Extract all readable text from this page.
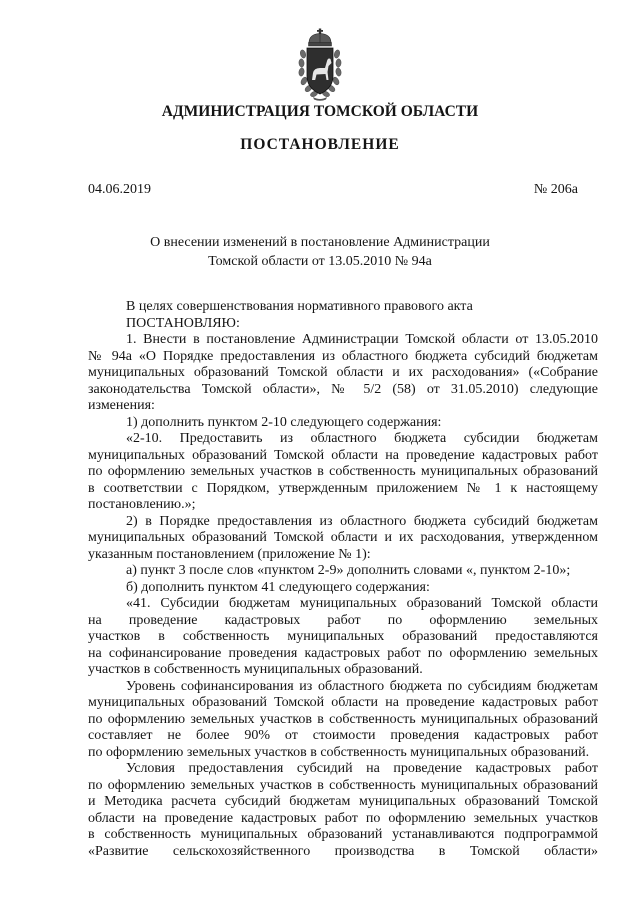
АДМИНИСТРАЦИЯ ТОМСКОЙ ОБЛАСТИ
ПОСТАНОВЛЕНИЕ
04.06.2019	№ 206а
О внесении изменений в постановление Администрации
Томской области от 13.05.2010 № 94а
В целях совершенствования нормативного правового акта
ПОСТАНОВЛЯЮ:
1. Внести в постановление Администрации Томской области от 13.05.2010
№ 94а «О Порядке предоставления из областного бюджета субсидий бюджетам
муниципальных образований Томской области и их расходования» («Собрание
законодательства Томской области», № 5/2 (58) от 31.05.2010) следующие
изменения:
1) дополнить пунктом 2-10 следующего содержания:
«2-10. Предоставить из областного бюджета субсидии бюджетам
муниципальных образований Томской области на проведение кадастровых работ
по оформлению земельных участков в собственность муниципальных образований
в соответствии с Порядком, утвержденным приложением № 1 к настоящему
постановлению.»;
2) в Порядке предоставления из областного бюджета субсидий бюджетам
муниципальных образований Томской области и их расходования, утвержденном
указанным постановлением (приложение № 1):
а) пункт 3 после слов «пунктом 2-9» дополнить словами «, пунктом 2-10»;
б) дополнить пунктом 41 следующего содержания:
«41. Субсидии бюджетам муниципальных образований Томской области
на проведение кадастровых работ по оформлению земельных
участков в собственность муниципальных образований предоставляются
на софинансирование проведения кадастровых работ по оформлению земельных
участков в собственность муниципальных образований.
Уровень софинансирования из областного бюджета по субсидиям бюджетам
муниципальных образований Томской области на проведение кадастровых работ
по оформлению земельных участков в собственность муниципальных образований
составляет не более 90% от стоимости проведения кадастровых работ
по оформлению земельных участков в собственность муниципальных образований.
Условия предоставления субсидий на проведение кадастровых работ
по оформлению земельных участков в собственность муниципальных образований
и Методика расчета субсидий бюджетам муниципальных образований Томской
области на проведение кадастровых работ по оформлению земельных участков
в собственность муниципальных образований устанавливаются подпрограммой
«Развитие сельскохозяйственного производства в Томской области»
